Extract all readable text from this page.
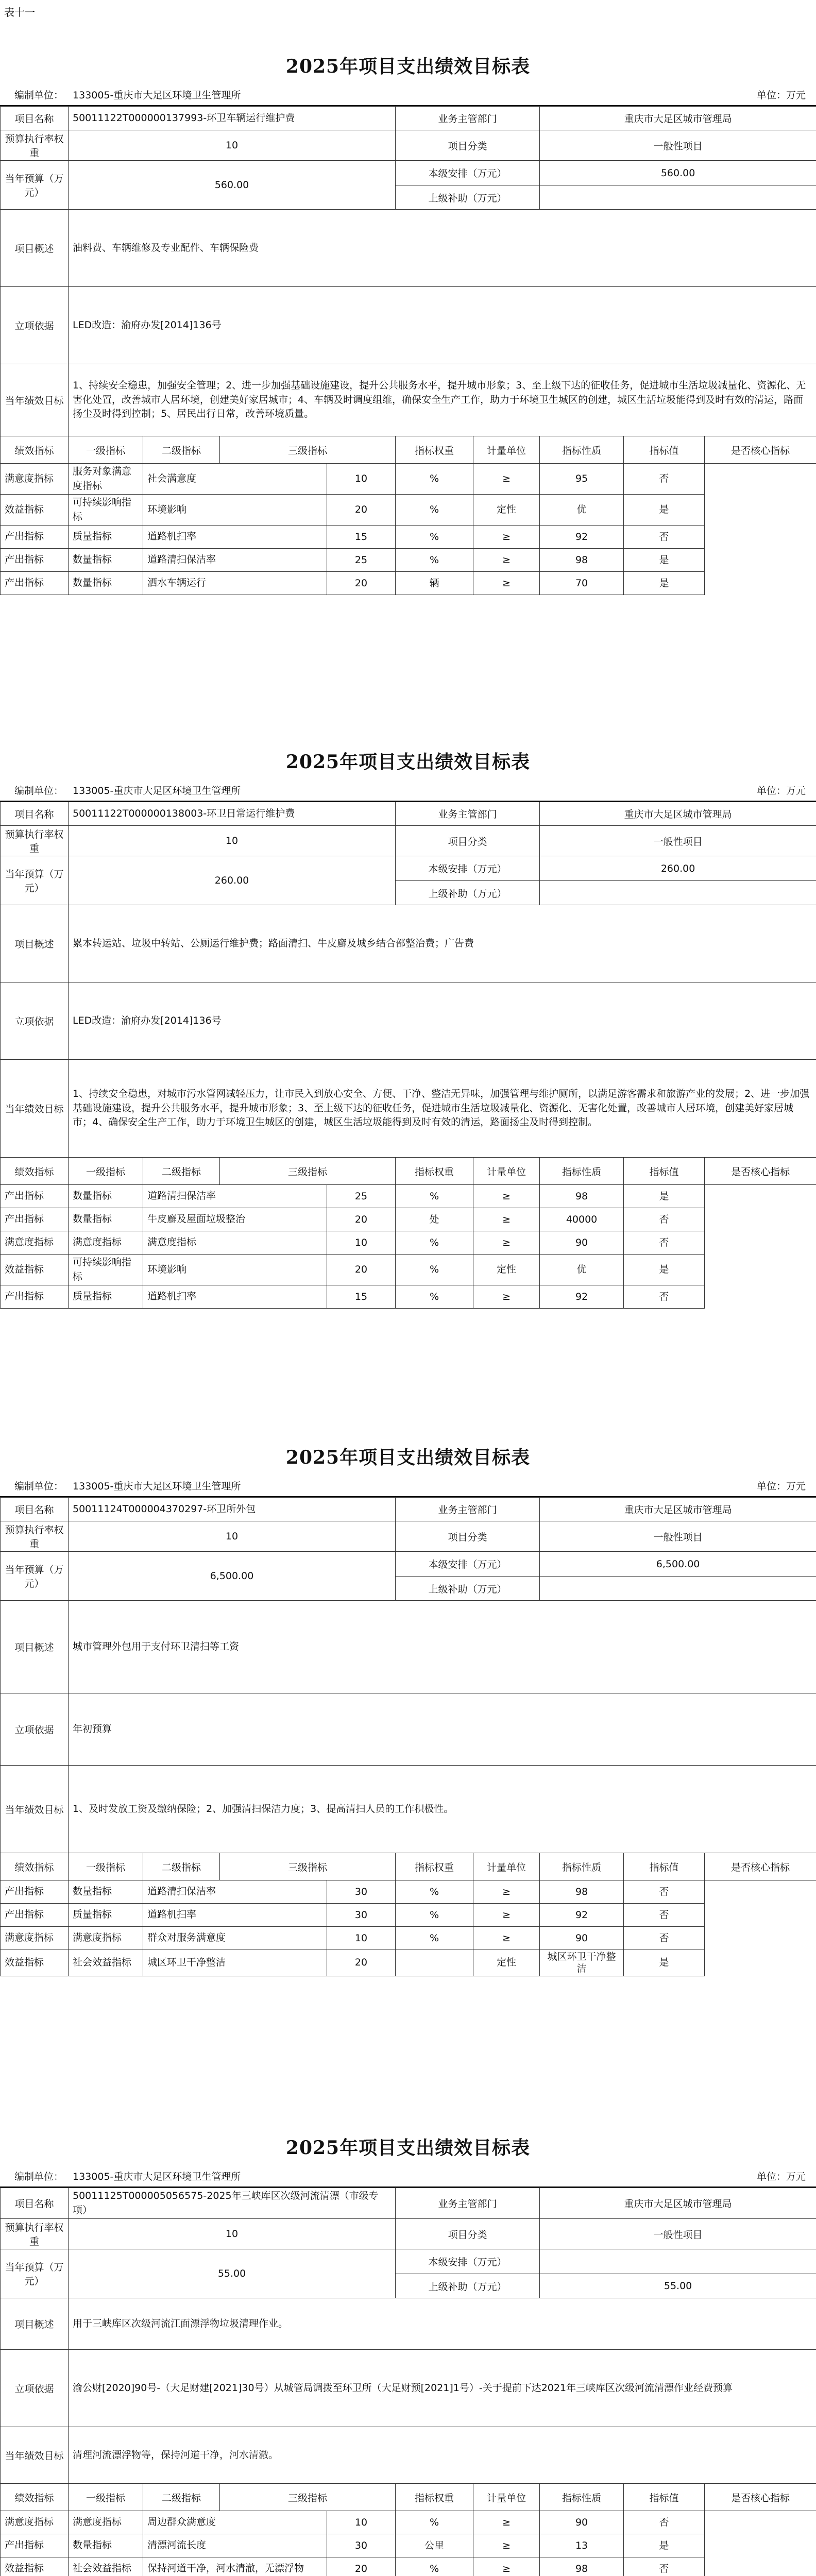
表十一
2025年项目支出绩效目标表
编制单位： 133005-重庆市大足区环境卫生管理所	单位：万元
项目名称	50011122T000000137993-环卫车辆运行维护费				业务主管部门		重庆市大足区城市管理局		
预算执行率权重	10				项目分类		一般性项目		
当年预算（万元）	560.00				本级安排（万元）		560.00		
					上级补助（万元）				
项目概述	油料费、车辆维修及专业配件、车辆保险费								
立项依据	LED改造：渝府办发[2014]136号								
当年绩效目标	1、持续安全稳患，加强安全管理；2、进一步加强基础设施建设，提升公共服务水平，提升城市形象；3、至上级下达的征收任务，促进城市生活垃圾减量化、资源化、无害化处置，改善城市人居环境，创建美好家居城市；4、车辆及时调度组维，确保安全生产工作，助力于环境卫生城区的创建，城区生活垃圾能得到及时有效的清运，路面扬尘及时得到控制；5、居民出行日常，改善环境质量。								
绩效指标	一级指标	二级指标	三级指标		指标权重	计量单位	指标性质	指标值	是否核心指标
满意度指标	服务对象满意度指标	社会满意度		10	%	≥	95	否	
效益指标	可持续影响指标	环境影响		20	%	定性	优	是	
产出指标	质量指标	道路机扫率		15	%	≥	92	否	
产出指标	数量指标	道路清扫保洁率		25	%	≥	98	是	
产出指标	数量指标	洒水车辆运行		20	辆	≥	70	是	
2025年项目支出绩效目标表
编制单位： 133005-重庆市大足区环境卫生管理所	单位：万元
项目名称	50011122T000000138003-环卫日常运行维护费				业务主管部门		重庆市大足区城市管理局		
预算执行率权重	10				项目分类		一般性项目		
当年预算（万元）	260.00				本级安排（万元）		260.00		
					上级补助（万元）				
项目概述	累本转运站、垃圾中转站、公厕运行维护费；路面清扫、牛皮廯及城乡结合部整治费；广告费								
立项依据	LED改造：渝府办发[2014]136号								
当年绩效目标	1、持续安全稳患，对城市污水管网减轻压力，让市民入到放心安全、方便、干净、整洁无异味，加强管理与维护厕所，以满足游客需求和旅游产业的发展；2、进一步加强基础设施建设，提升公共服务水平，提升城市形象；3、至上级下达的征收任务，促进城市生活垃圾减量化、资源化、无害化处置，改善城市人居环境，创建美好家居城市；4、确保安全生产工作，助力于环境卫生城区的创建，城区生活垃圾能得到及时有效的清运，路面扬尘及时得到控制。								
绩效指标	一级指标	二级指标	三级指标		指标权重	计量单位	指标性质	指标值	是否核心指标
产出指标	数量指标	道路清扫保洁率		25	%	≥	98	是	
产出指标	数量指标	牛皮廯及屋面垃圾整治		20	处	≥	40000	否	
满意度指标	满意度指标	满意度指标		10	%	≥	90	否	
效益指标	可持续影响指标	环境影响		20	%	定性	优	是	
产出指标	质量指标	道路机扫率		15	%	≥	92	否	
2025年项目支出绩效目标表
编制单位： 133005-重庆市大足区环境卫生管理所	单位：万元
项目名称	50011124T000004370297-环卫所外包				业务主管部门		重庆市大足区城市管理局		
预算执行率权重	10				项目分类		一般性项目		
当年预算（万元）	6,500.00				本级安排（万元）		6,500.00		
					上级补助（万元）				
项目概述	城市管理外包用于支付环卫清扫等工资								
立项依据	年初预算								
当年绩效目标	1、及时发放工资及缴纳保险；2、加强清扫保洁力度；3、提高清扫人员的工作积极性。								
绩效指标	一级指标	二级指标	三级指标		指标权重	计量单位	指标性质	指标值	是否核心指标
产出指标	数量指标	道路清扫保洁率		30	%	≥	98	否	
产出指标	质量指标	道路机扫率		30	%	≥	92	否	
满意度指标	满意度指标	群众对服务满意度		10	%	≥	90	否	
效益指标	社会效益指标	城区环卫干净整洁		20		定性	城区环卫干净整洁	是	
2025年项目支出绩效目标表
编制单位： 133005-重庆市大足区环境卫生管理所	单位：万元
项目名称	50011125T000005056575-2025年三峡库区次级河流清漂（市级专项）				业务主管部门		重庆市大足区城市管理局		
预算执行率权重	10				项目分类		一般性项目		
当年预算（万元）	55.00				本级安排（万元）				
					上级补助（万元）		55.00		
项目概述	用于三峡库区次级河流江面漂浮物垃圾清理作业。								
立项依据	渝公财[2020]90号-（大足财建[2021]30号）从城管局调拨至环卫所（大足财预[2021]1号）-关于提前下达2021年三峡库区次级河流清漂作业经费预算								
当年绩效目标	清理河流漂浮物等，保持河道干净，河水清澈。								
绩效指标	一级指标	二级指标	三级指标		指标权重	计量单位	指标性质	指标值	是否核心指标
满意度指标	满意度指标	周边群众满意度		10	%	≥	90	否	
产出指标	数量指标	清漂河流长度		30	公里	≥	13	是	
效益指标	社会效益指标	保持河道干净，河水清澈，无漂浮物		20	%	≥	98	否	
